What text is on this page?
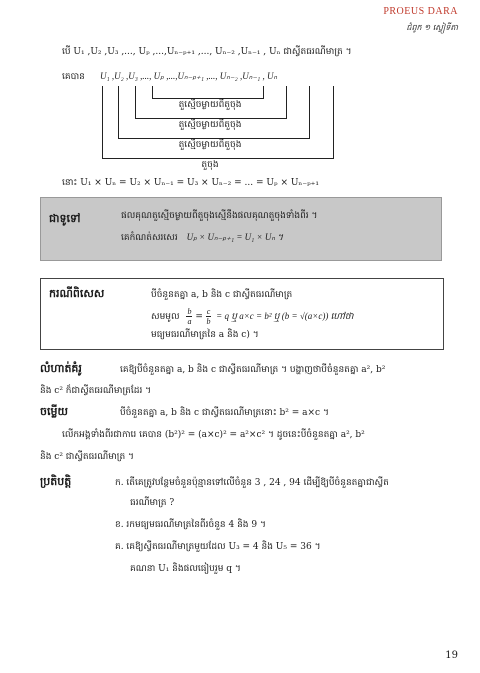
PROEUS DARA
ជំពូក ១ ស្វៀទីតា
បើ U₁ ,U₂ ,U₃ ,..., Uₚ ,...,Uₙ₋ₚ₊₁ ,..., Uₙ₋₂ ,Uₙ₋₁ , Uₙ ជាស្វីតធរណីមាត្រ ។
គេបាន U₁ ,U₂ ,U₃ ,..., Uₚ ,...,Uₙ₋ₚ₊₁ ,..., Uₙ₋₂ ,Uₙ₋₁ , Uₙ
តួស្មើចម្ងាយពីតួចុង
តួស្មើចម្ងាយពីតួចុង
តួស្មើចម្ងាយពីតួចុង
តួចុង
នោះ U₁ × Uₙ = U₂ × Uₙ₋₁ = U₃ × Uₙ₋₂ = ... = Uₚ × Uₙ₋ₚ₊₁
ជាទូទៅ	ផលគុណតួស្មើចម្ងាយពីតួចុងស្មើនឹងផលគុណតួចុងទាំងពីរ ។
គេកំណត់សរសេរ Uₚ × Uₙ₋ₚ₊₁ = U₁ × Uₙ ។
ករណីពិសេស	បីចំនួនតគ្នា a, b និង c ជាស្វីតធរណីមាត្រ
សមមូល $\frac{b}{a} = \frac{c}{b} = q$ ឬ a×c = b² ឬ (b = √(a×c)) ហៅថា
មធ្យមធរណីមាត្រនៃ a និង c) ។
លំហាត់គំរូ	គេឱ្យបីចំនួនតគ្នា a, b និង c ជាស្វីតធរណីមាត្រ ។ បង្ហាញថាបីចំនួនតគ្នា a², b²
និង c² ក៏ជាស្វីតធរណីមាត្រដែរ ។
ចម្លើយ	បីចំនួនតគ្នា a, b និង c ជាស្វីតធរណីមាត្រនោះ b² = a×c ។
លើកអង្គទាំងពីរជាការេ គេបាន (b²)² = (a×c)² = a²×c² ។ ដូចនេះបីចំនួនតគ្នា a², b²
និង c² ជាស្វីតធរណីមាត្រ ។
ប្រតិបត្តិ	ក. តើគេត្រូវបន្ថែមចំនួនប៉ុន្មានទៅលើចំនួន 3 , 24 , 94 ដើម្បីឱ្យបីចំនួនតគ្នាជាស្វីត
ធរណីមាត្រ ?
ខ. រកមធ្យមធរណីមាត្រនៃពីរចំនួន 4 និង 9 ។
គ. គេឱ្យស្វីតធរណីមាត្រមួយដែល U₃ = 4 និង U₅ = 36 ។
គណនា U₁ និងផលធៀបរួម q ។
19
